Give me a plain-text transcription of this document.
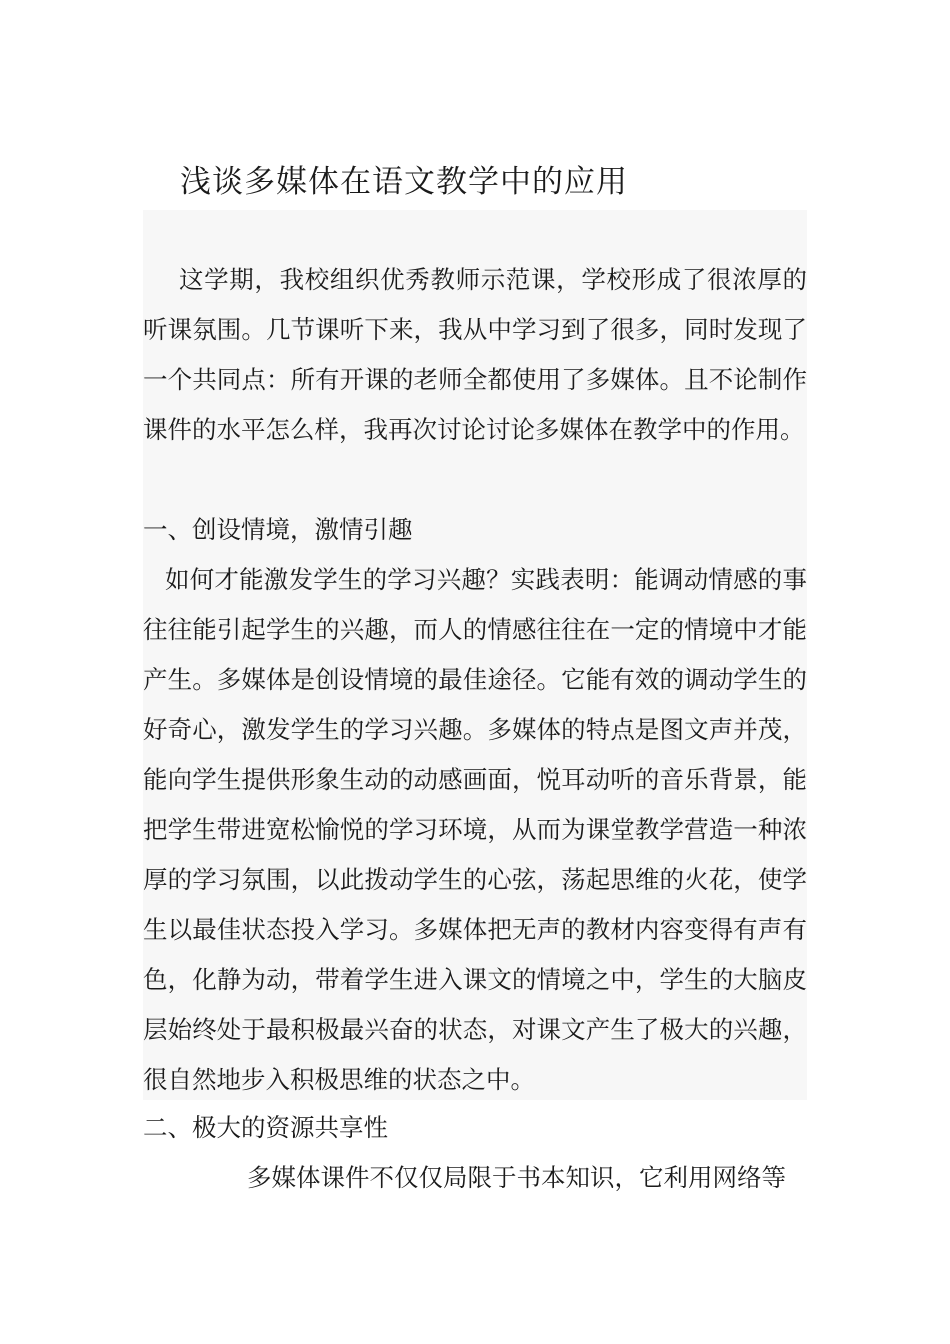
浅谈多媒体在语文教学中的应用
这学期，我校组织优秀教师示范课，学校形成了很浓厚的听课氛围。几节课听下来，我从中学习到了很多，同时发现了一个共同点：所有开课的老师全都使用了多媒体。且不论制作课件的水平怎么样，我再次讨论讨论多媒体在教学中的作用。
一、创设情境，激情引趣
如何才能激发学生的学习兴趣？实践表明：能调动情感的事往往能引起学生的兴趣，而人的情感往往在一定的情境中才能产生。多媒体是创设情境的最佳途径。它能有效的调动学生的好奇心，激发学生的学习兴趣。多媒体的特点是图文声并茂，能向学生提供形象生动的动感画面，悦耳动听的音乐背景，能把学生带进宽松愉悦的学习环境，从而为课堂教学营造一种浓厚的学习氛围，以此拨动学生的心弦，荡起思维的火花，使学生以最佳状态投入学习。多媒体把无声的教材内容变得有声有色，化静为动，带着学生进入课文的情境之中，学生的大脑皮层始终处于最积极最兴奋的状态，对课文产生了极大的兴趣，很自然地步入积极思维的状态之中。
二、极大的资源共享性
多媒体课件不仅仅局限于书本知识，它利用网络等
